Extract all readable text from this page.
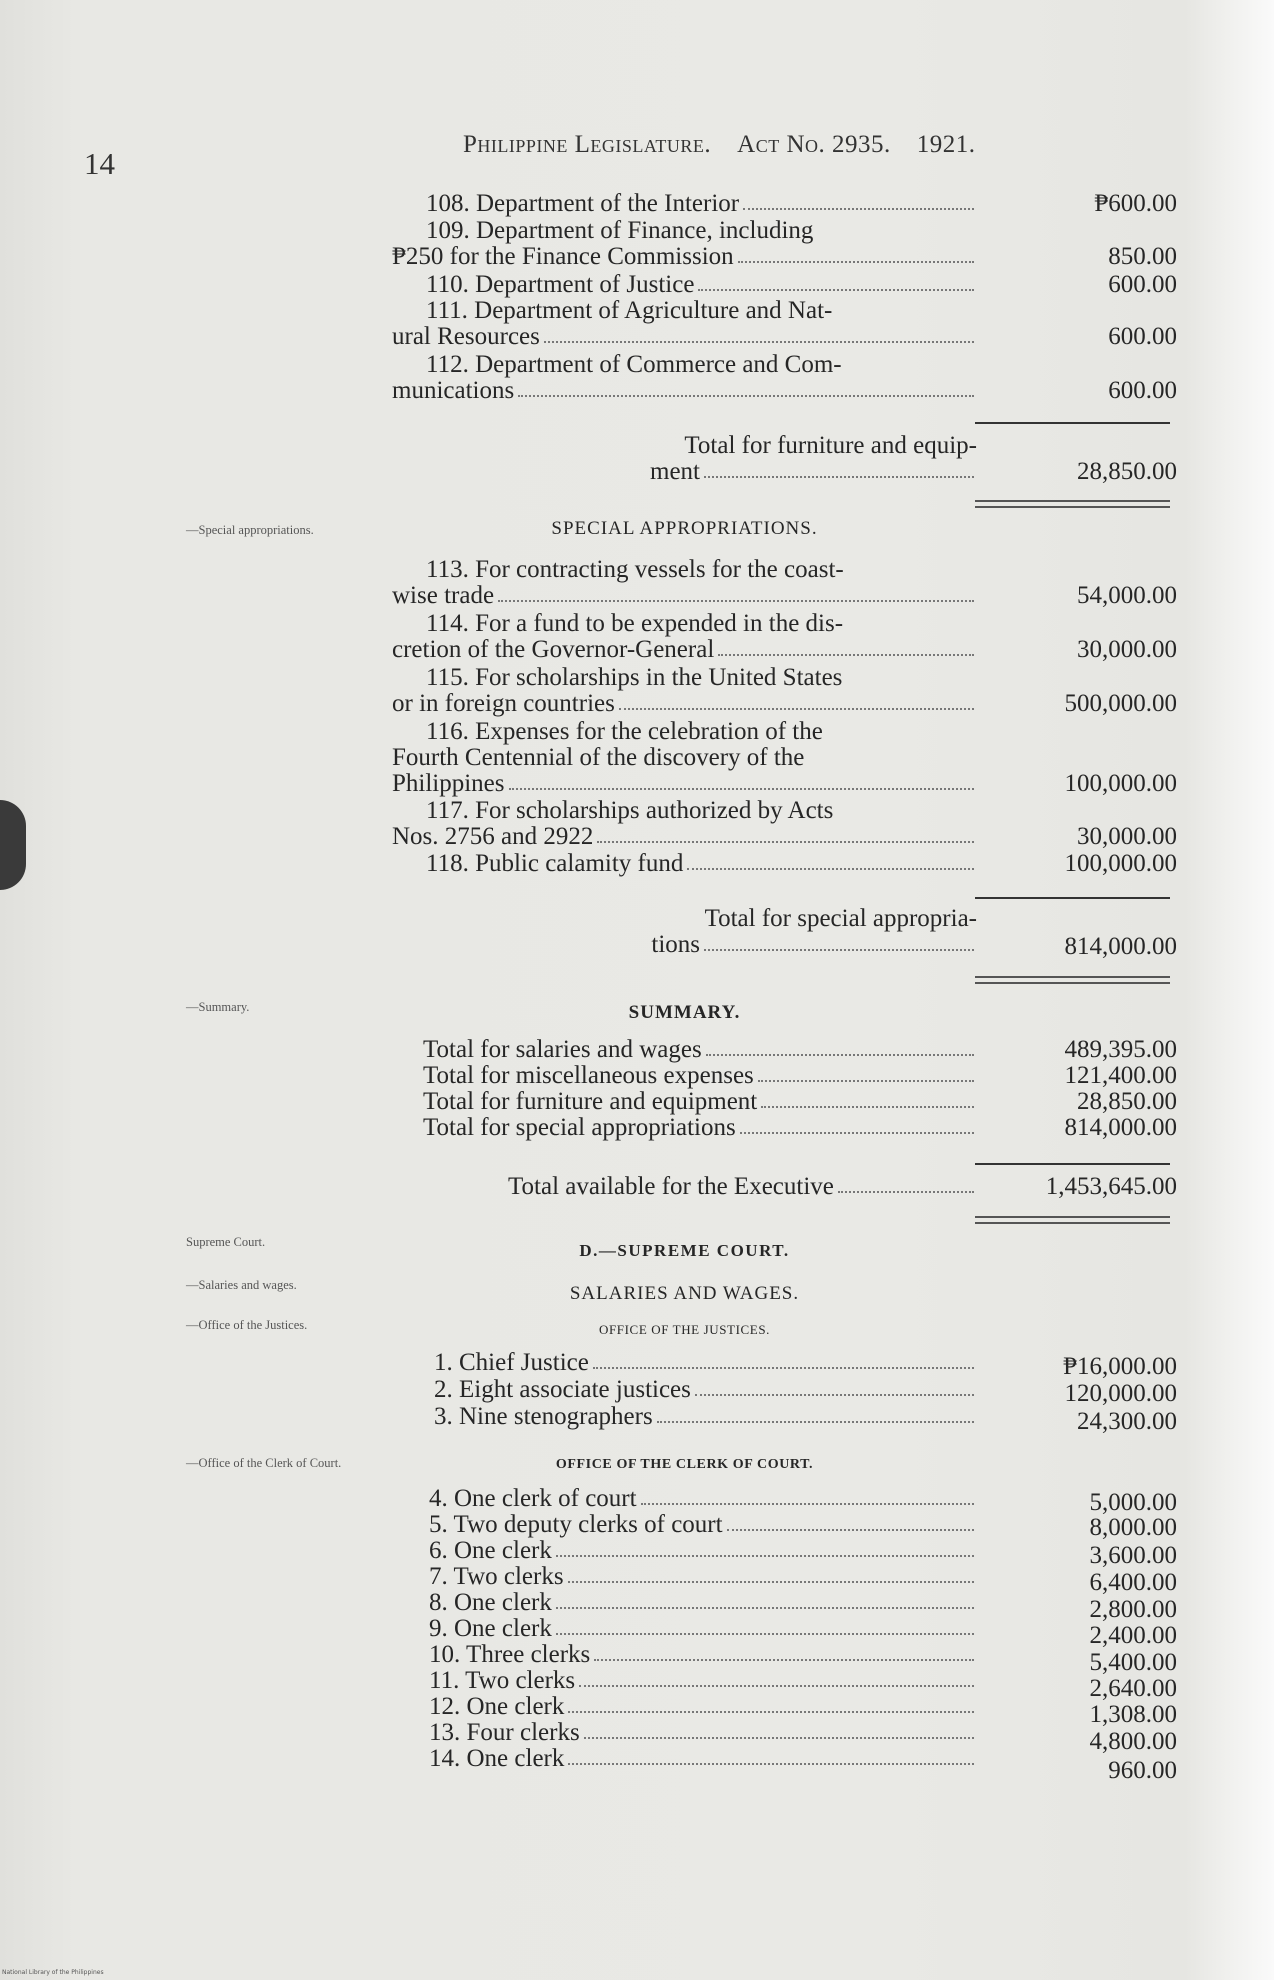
14
Philippine Legislature. Act No. 2935. 1921.
—Special appropriations.
—Summary.
Supreme Court.
—Salaries and wages.
—Office of the Justices.
—Office of the Clerk of Court.
108. Department of the Interior	₱600.00
109. Department of Finance, including
₱250 for the Finance Commission	850.00
110. Department of Justice	600.00
111. Department of Agriculture and Nat-
ural Resources	600.00
112. Department of Commerce and Com-
munications	600.00
Total for furniture and equip-
ment	28,850.00
SPECIAL APPROPRIATIONS.
113. For contracting vessels for the coast-
wise trade	54,000.00
114. For a fund to be expended in the dis-
cretion of the Governor-General	30,000.00
115. For scholarships in the United States
or in foreign countries	500,000.00
116. Expenses for the celebration of the
Fourth Centennial of the discovery of the
Philippines	100,000.00
117. For scholarships authorized by Acts
Nos. 2756 and 2922	30,000.00
118. Public calamity fund	100,000.00
Total for special appropria-
tions	814,000.00
SUMMARY.
Total for salaries and wages	489,395.00
Total for miscellaneous expenses	121,400.00
Total for furniture and equipment	28,850.00
Total for special appropriations	814,000.00
Total available for the Executive	1,453,645.00
D.—SUPREME COURT.
SALARIES AND WAGES.
OFFICE OF THE JUSTICES.
1. Chief Justice	₱16,000.00
2. Eight associate justices	120,000.00
3. Nine stenographers	24,300.00
OFFICE OF THE CLERK OF COURT.
4. One clerk of court	5,000.00
5. Two deputy clerks of court	8,000.00
6. One clerk	3,600.00
7. Two clerks	6,400.00
8. One clerk	2,800.00
9. One clerk	2,400.00
10. Three clerks	5,400.00
11. Two clerks	2,640.00
12. One clerk	1,308.00
13. Four clerks	4,800.00
14. One clerk	960.00
National Library of the Philippines
